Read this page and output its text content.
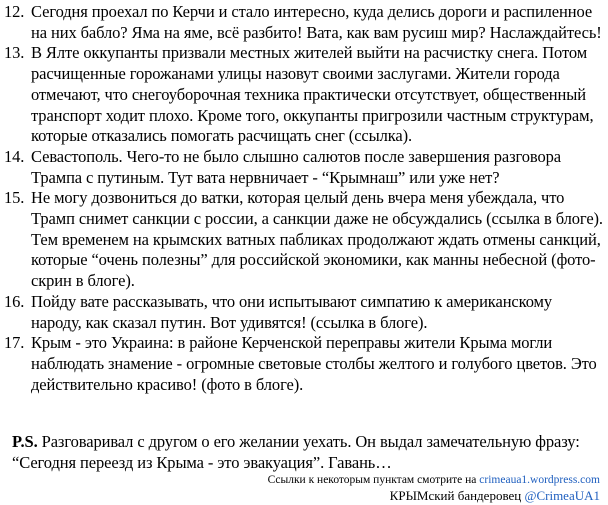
12. Сегодня проехал по Керчи и стало интересно, куда делись дороги и распиленное на них бабло? Яма на яме, всё разбито! Вата, как вам русиш мир? Наслаждайтесь!
13. В Ялте оккупанты призвали местных жителей выйти на расчистку снега. Потом расчищенные горожанами улицы назовут своими заслугами. Жители города отмечают, что снегоуборочная техника практически отсутствует, общественный транспорт ходит плохо. Кроме того, оккупанты пригрозили частным структурам, которые отказались помогать расчищать снег (ссылка).
14. Севастополь. Чего-то не было слышно салютов после завершения разговора Трампа с путиным. Тут вата нервничает - “Крымнаш” или уже нет?
15. Не могу дозвониться до ватки, которая целый день вчера меня убеждала, что Трамп снимет санкции с россии, а санкции даже не обсуждались (ссылка в блоге). Тем временем на крымских ватных пабликах продолжают ждать отмены санкций, которые “очень полезны” для российской экономики, как манны небесной (фото-скрин в блоге).
16. Пойду вате рассказывать, что они испытывают симпатию к американскому народу, как сказал путин. Вот удивятся! (ссылка в блоге).
17. Крым - это Украина: в районе Керченской переправы жители Крыма могли наблюдать знамение - огромные световые столбы желтого и голубого цветов. Это действительно красиво! (фото в блоге).
P.S. Разговаривал с другом о его желании уехать. Он выдал замечательную фразу: “Сегодня переезд из Крыма - это эвакуация”. Гавань…
Ссылки к некоторым пунктам смотрите на crimeaua1.wordpress.com
КРЫМский бандеровец @CrimeaUA1
